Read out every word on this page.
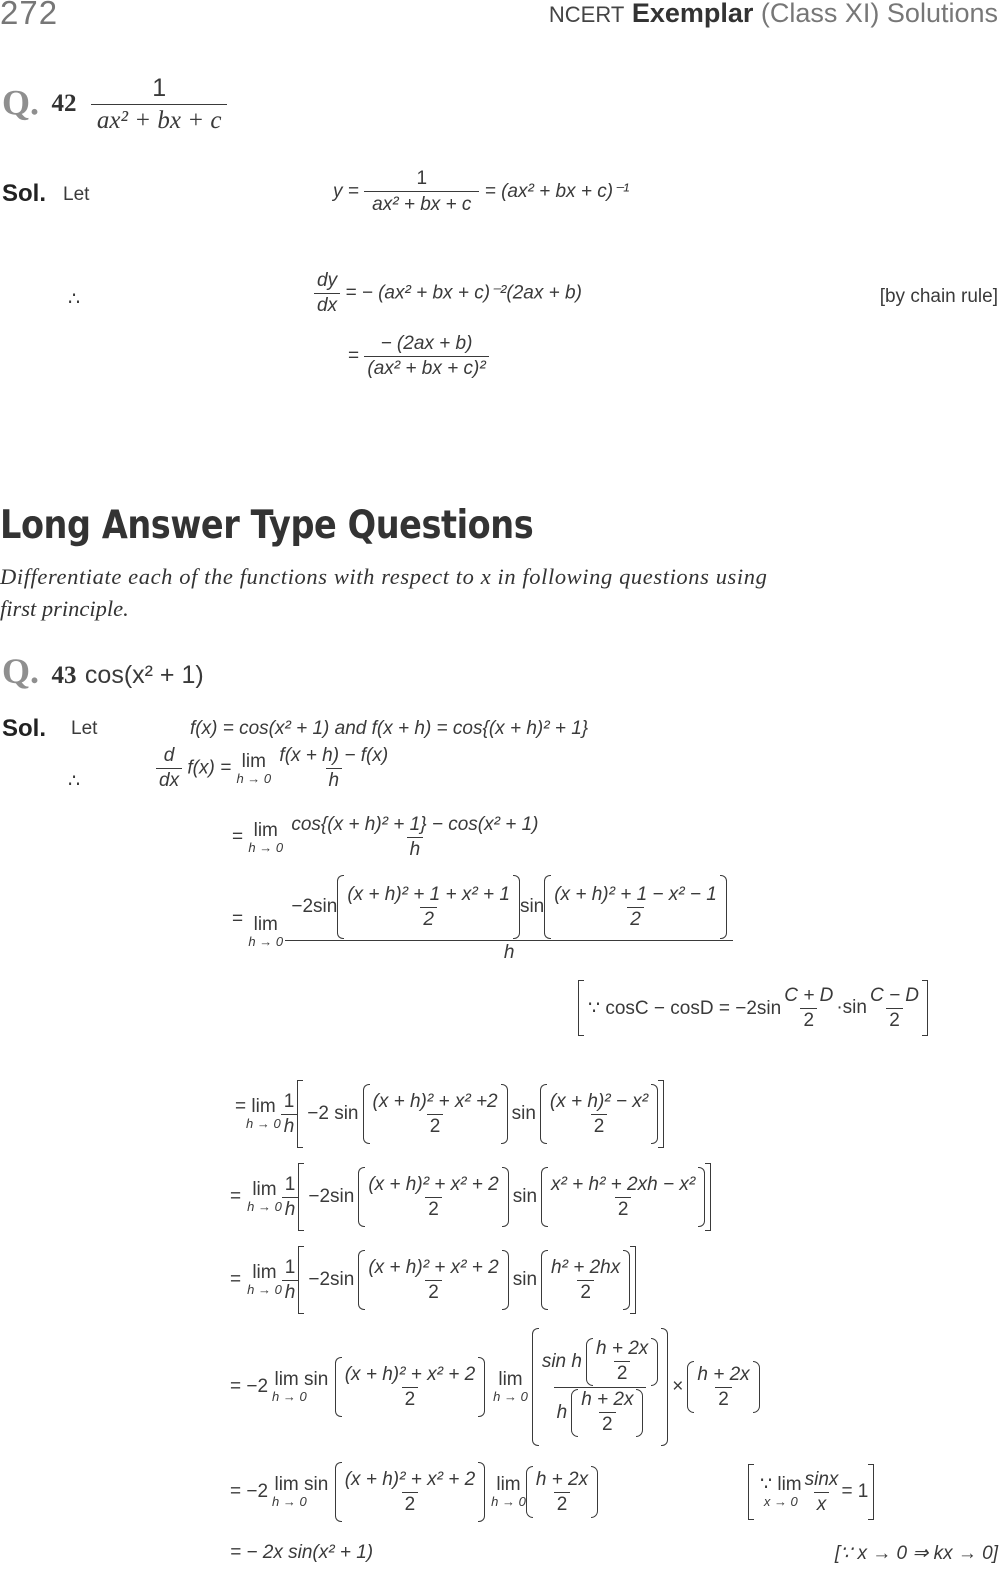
272	NCERT Exemplar (Class XI) Solutions
Q. $42 \frac{1}{\text{ax² + bx + c}}$
Sol. Let	$y = \frac{1}{\text{ax² + bx + c}} = (ax^2$ + bx + c)⁻¹
∴	$\frac{dy}{dx}$ = − (ax² + bx + c)⁻²(2ax + b)	[by chain rule]
= $\frac{- (2ax + b)}{\text{(ax² + bx + c)²}}$
Long Answer Type Questions
Differentiate each of the functions with respect to x in following questions using
first principle.
Q. 43 cos(x² + 1)
Sol. Let	f(x) = cos(x² + 1) and f(x + h) = cos{(x + h)² + 1}
∴	$\frac{d}{dx} f(x) = \lim$
h → 0
$\frac{f(x + h) - f(x)}{h}$
= lim
h → 0
$\frac{\text{cos\{(x + h)² + 1\} − cos(x² + 1)}}{h}$
= lim
h → 0

$-2\sin \frac{\text{(x + h)² + 1 + x² + 1}}{2}$ $\sin \frac{\text{(x + h)² + 1 − x² − 1}}{2}$
h
∵ $\cos C - \cos D = -2\sin \frac{C + D}{2} \cdot\sin \frac{C - D}{2}$
= lim
$h \to 0 \frac{1}{h} -2$ $\sin \frac{\text{(x + h)² + x² +2}}{2}$ $\sin \frac{\text{(x + h)² − x²}}{2}$
= lim
$h \to 0 \frac{1}{h} -2\sin \frac{\text{(x + h)² + x² + 2}}{2}$ $\sin \frac{\text{x² + h² + 2xh − x²}}{2}$
= lim
$h \to 0 \frac{1}{h} -2\sin \frac{\text{(x + h)² + x² + 2}}{2}$ $\sin \frac{\text{h² + 2hx}}{2}$
= −2 lim sin
$h \to 0 \frac{\text{(x + h)² + x² + 2}}{2}$ lim
$h \to 0 \frac{\sin h \frac{h + 2x}{2}}{h \frac{h + 2x}{2}} \times \frac{h + 2x}{2}$
= −2 lim sin
$h \to 0 \frac{\text{(x + h)² + x² + 2}}{2}$ lim
$h \to 0 \frac{h + 2x}{2}$	∵ lim
$x \to 0 \frac{\sin x}{x} = 1$
= − 2x sin(x² + 1)	[∵ x → 0 ⇒ kx → 0]
